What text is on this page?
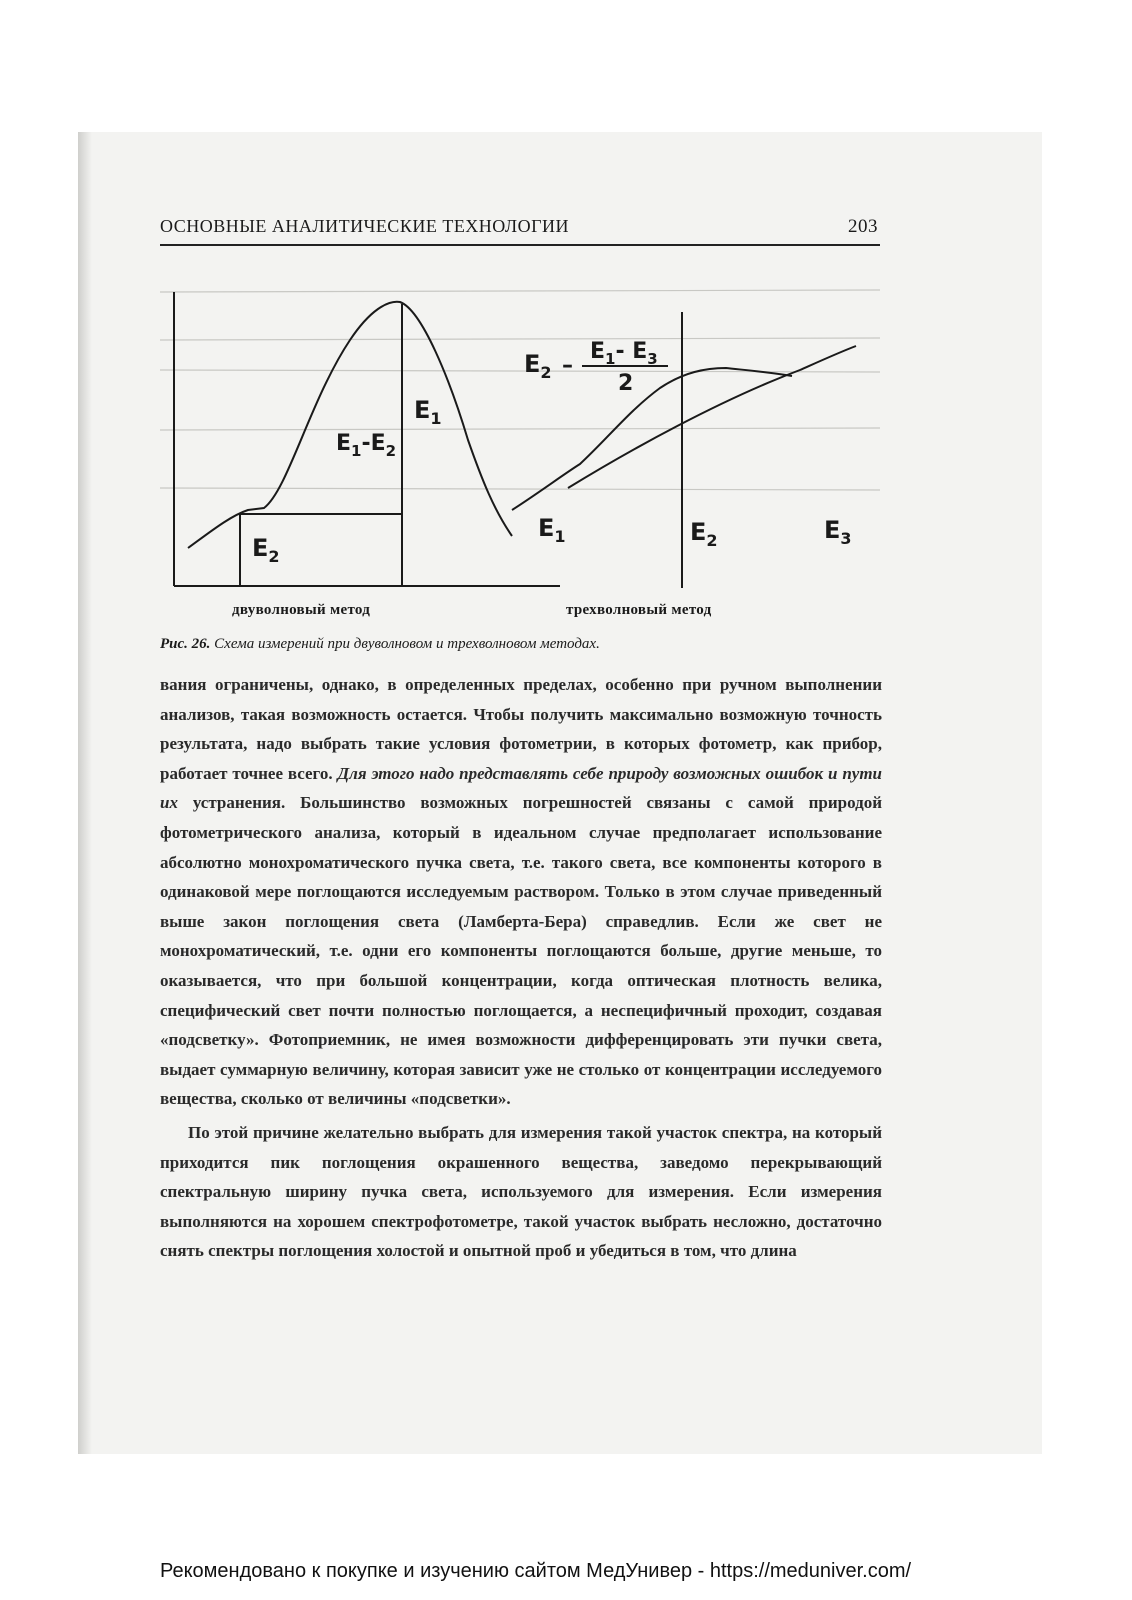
ОСНОВНЫЕ АНАЛИТИЧЕСКИЕ ТЕХНОЛОГИИ	203
$E_1$
$E_1-E_2$
$E_2$
$E_2$ –
$E_1-$ $E_3$
2
$E_1$	$E_2$	$E_3$
двуволновый метод	трехволновый метод
Рис. 26. Схема измерений при двуволновом и трехволновом методах.

вания ограничены, однако, в определенных пределах, особенно при ручном выполнении анализов, такая возможность остается. Чтобы получить максимально возможную точность результата, надо выбрать такие условия фотометрии, в которых фотометр, как прибор, работает точнее всего. Для этого надо представлять себе природу возможных ошибок и пути их устранения. Большинство возможных погрешностей связаны с самой природой фотометрического анализа, который в идеальном случае предполагает использование абсолютно монохроматического пучка света, т.е. такого света, все компоненты которого в одинаковой мере поглощаются исследуемым раствором. Только в этом случае приведенный выше закон поглощения света (Ламберта-Бера) справедлив. Если же свет не монохроматический, т.е. одни его компоненты поглощаются больше, другие меньше, то оказывается, что при большой концентрации, когда оптическая плотность велика, специфический свет почти полностью поглощается, а неспецифичный проходит, создавая «подсветку». Фотоприемник, не имея возможности дифференцировать эти пучки света, выдает суммарную величину, которая зависит уже не столько от концентрации исследуемого вещества, сколько от величины «подсветки».

По этой причине желательно выбрать для измерения такой участок спектра, на который приходится пик поглощения окрашенного вещества, заведомо перекрывающий спектральную ширину пучка света, используемого для измерения. Если измерения выполняются на хорошем спектрофотометре, такой участок выбрать несложно, достаточно снять спектры поглощения холостой и опытной проб и убедиться в том, что длина

Рекомендовано к покупке и изучению сайтом МедУнивер - https://meduniver.com/
